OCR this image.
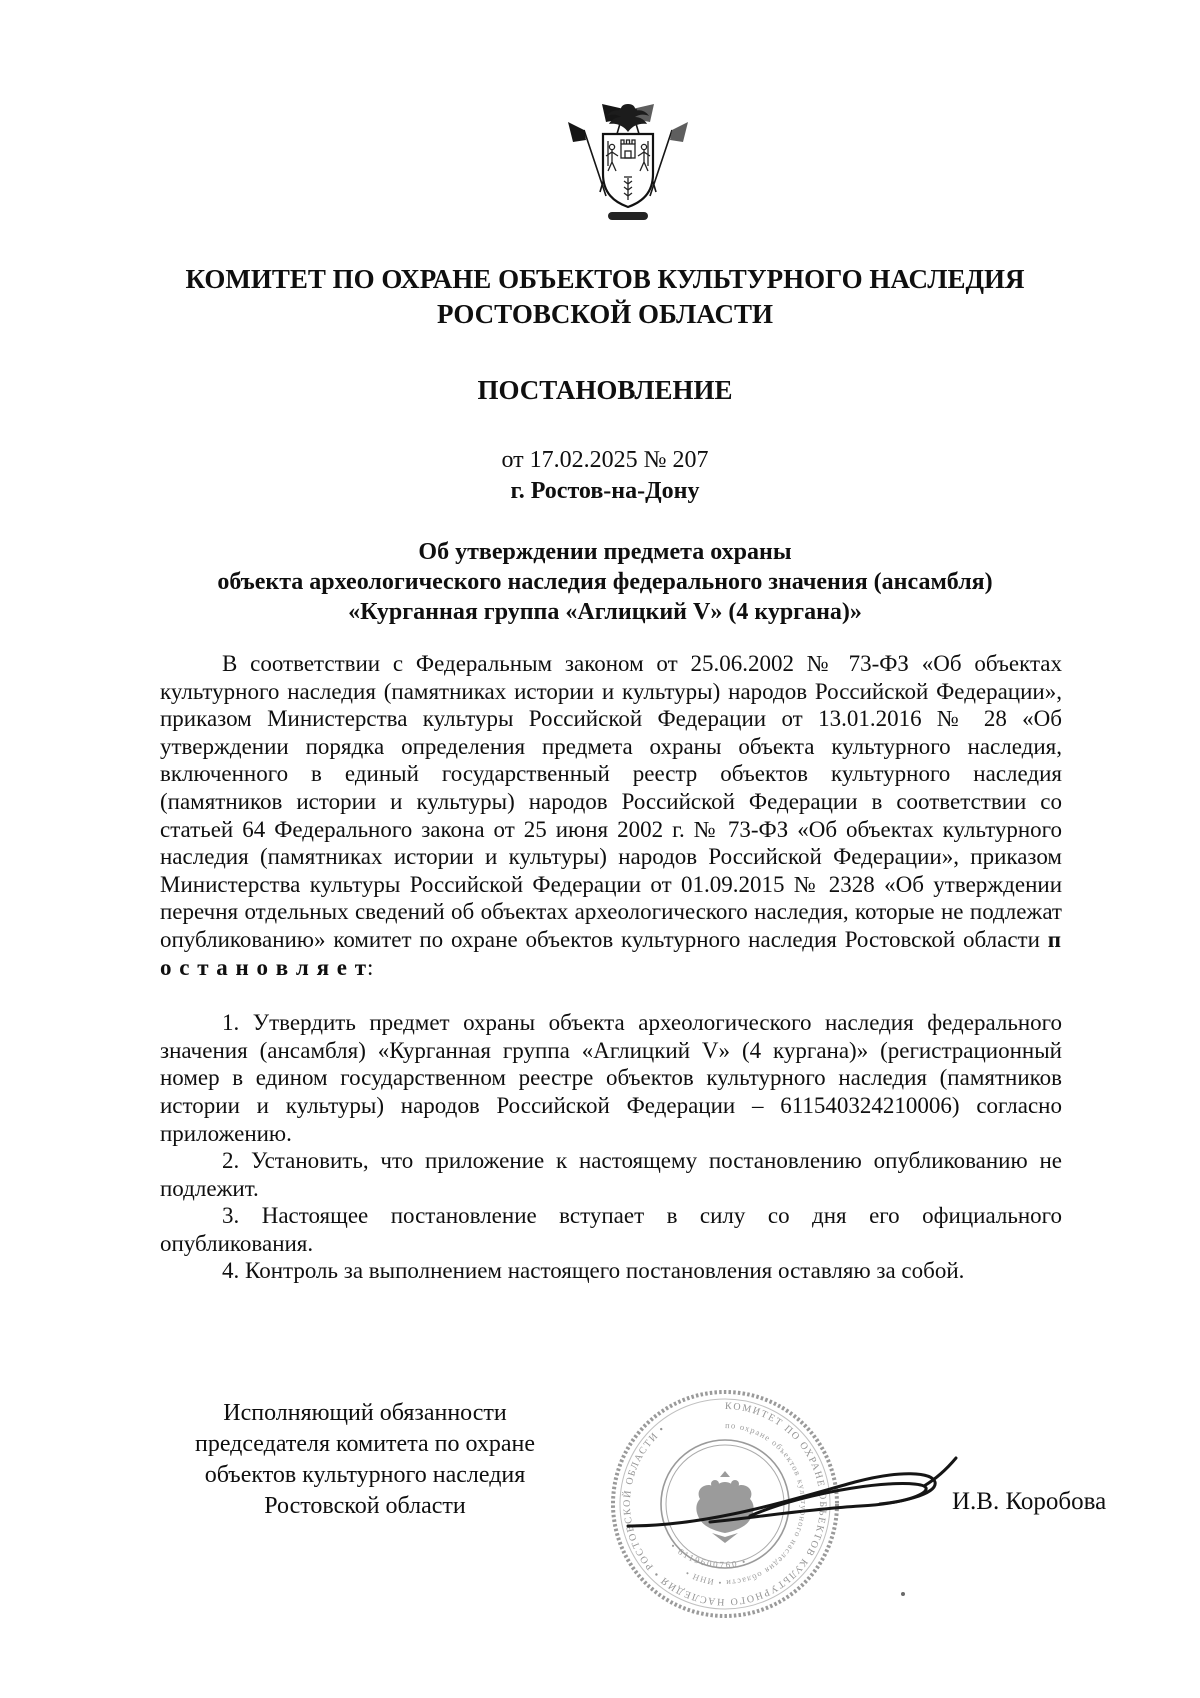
КОМИТЕТ ПО ОХРАНЕ ОБЪЕКТОВ КУЛЬТУРНОГО НАСЛЕДИЯ РОСТОВСКОЙ ОБЛАСТИ
ПОСТАНОВЛЕНИЕ
от 17.02.2025 № 207
г. Ростов-на-Дону
Об утверждении предмета охраны
объекта археологического наследия федерального значения (ансамбля)
«Курганная группа «Аглицкий V» (4 кургана)»

В соответствии с Федеральным законом от 25.06.2002 № 73-ФЗ «Об объектах культурного наследия (памятниках истории и культуры) народов Российской Федерации», приказом Министерства культуры Российской Федерации от 13.01.2016 № 28 «Об утверждении порядка определения предмета охраны объекта культурного наследия, включенного в единый государственный реестр объектов культурного наследия (памятников истории и культуры) народов Российской Федерации в соответствии со статьей 64 Федерального закона от 25 июня 2002 г. № 73-ФЗ «Об объектах культурного наследия (памятниках истории и культуры) народов Российской Федерации», приказом Министерства культуры Российской Федерации от 01.09.2015 № 2328 «Об утверждении перечня отдельных сведений об объектах археологического наследия, которые не подлежат опубликованию» комитет по охране объектов культурного наследия Ростовской области п о с т а н о в л я е т:

1. Утвердить предмет охраны объекта археологического наследия федерального значения (ансамбля) «Курганная группа «Аглицкий V» (4 кургана)» (регистрационный номер в едином государственном реестре объектов культурного наследия (памятников истории и культуры) народов Российской Федерации – 611540324210006) согласно приложению.

2. Установить, что приложение к настоящему постановлению опубликованию не подлежит.

3. Настоящее постановление вступает в силу со дня его официального опубликования.

4. Контроль за выполнением настоящего постановления оставляю за собой.

Исполняющий обязанности
председателя комитета по охране
объектов культурного наследия
Ростовской области
КОМИТЕТ ПО ОХРАНЕ ОБЪЕКТОВ КУЛЬТУРНОГО НАСЛЕДИЯ • РОСТОВСКОЙ ОБЛАСТИ •	по охране объектов культурного наследия области • ИНН •
• 6119600760 •
И.В. Коробова
